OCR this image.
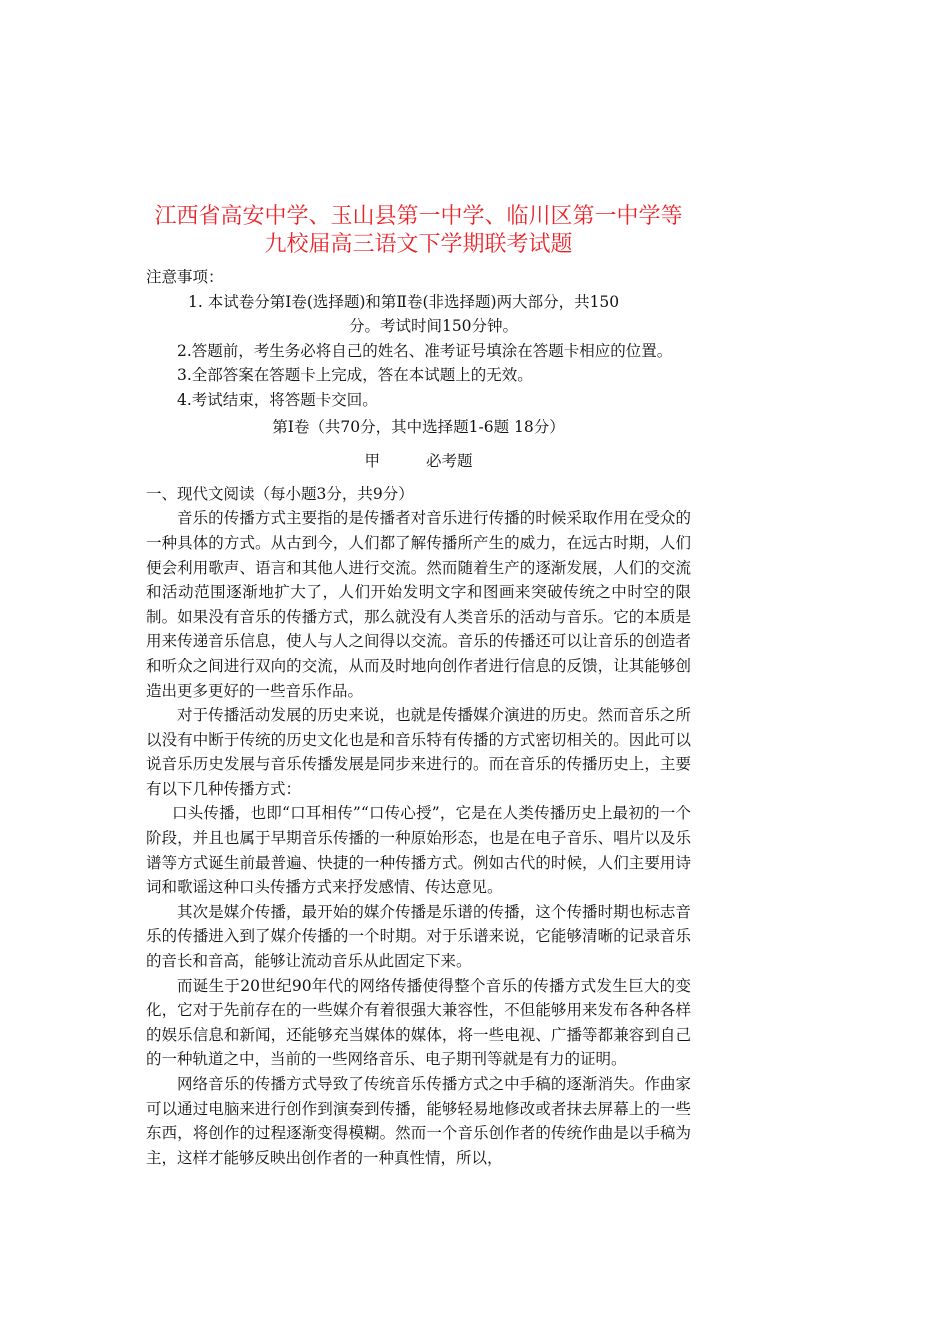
江西省高安中学、玉山县第一中学、临川区第一中学等
九校届高三语文下学期联考试题

注意事项：

1. 本试卷分第Ⅰ卷(选择题)和第Ⅱ卷(非选择题)两大部分，共150

分。考试时间150分钟。

2.答题前，考生务必将自己的姓名、准考证号填涂在答题卡相应的位置。

3.全部答案在答题卡上完成，答在本试题上的无效。

4.考试结束，将答题卡交回。

第Ⅰ卷（共70分，其中选择题1-6题 18分）

甲	必考题

一、现代文阅读（每小题3分，共9分）

音乐的传播方式主要指的是传播者对音乐进行传播的时候采取作用在受众的一种具体的方式。从古到今，人们都了解传播所产生的威力，在远古时期，人们便会利用歌声、语言和其他人进行交流。然而随着生产的逐渐发展，人们的交流和活动范围逐渐地扩大了，人们开始发明文字和图画来突破传统之中时空的限制。如果没有音乐的传播方式，那么就没有人类音乐的活动与音乐。它的本质是用来传递音乐信息，使人与人之间得以交流。音乐的传播还可以让音乐的创造者和听众之间进行双向的交流，从而及时地向创作者进行信息的反馈，让其能够创造出更多更好的一些音乐作品。

对于传播活动发展的历史来说，也就是传播媒介演进的历史。然而音乐之所以没有中断于传统的历史文化也是和音乐特有传播的方式密切相关的。因此可以说音乐历史发展与音乐传播发展是同步来进行的。而在音乐的传播历史上，主要有以下几种传播方式：

口头传播，也即“口耳相传”“口传心授”，它是在人类传播历史上最初的一个阶段，并且也属于早期音乐传播的一种原始形态，也是在电子音乐、唱片以及乐谱等方式诞生前最普遍、快捷的一种传播方式。例如古代的时候，人们主要用诗词和歌谣这种口头传播方式来抒发感情、传达意见。

其次是媒介传播，最开始的媒介传播是乐谱的传播，这个传播时期也标志音乐的传播进入到了媒介传播的一个时期。对于乐谱来说，它能够清晰的记录音乐的音长和音高，能够让流动音乐从此固定下来。

而诞生于20世纪90年代的网络传播使得整个音乐的传播方式发生巨大的变化，它对于先前存在的一些媒介有着很强大兼容性，不但能够用来发布各种各样的娱乐信息和新闻，还能够充当媒体的媒体，将一些电视、广播等都兼容到自己的一种轨道之中，当前的一些网络音乐、电子期刊等就是有力的证明。

网络音乐的传播方式导致了传统音乐传播方式之中手稿的逐渐消失。作曲家可以通过电脑来进行创作到演奏到传播，能够轻易地修改或者抹去屏幕上的一些东西，将创作的过程逐渐变得模糊。然而一个音乐创作者的传统作曲是以手稿为主，这样才能够反映出创作者的一种真性情，所以，
